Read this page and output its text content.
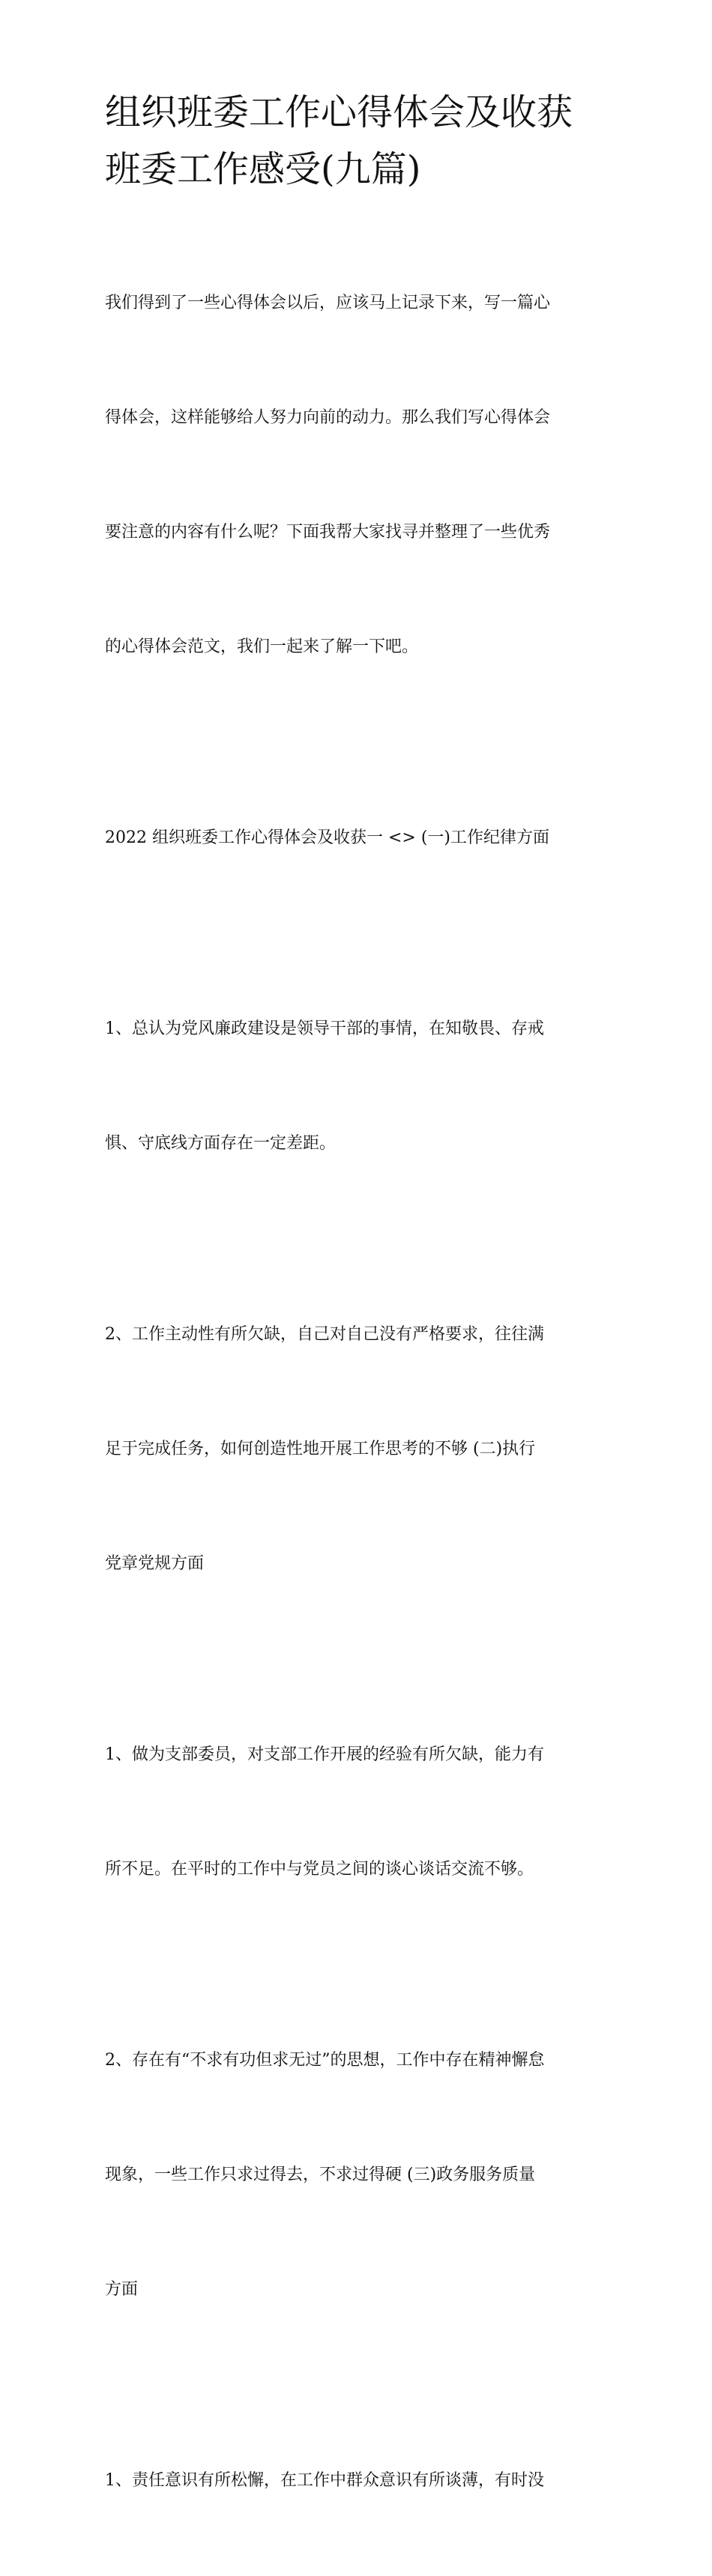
组织班委工作心得体会及收获
班委工作感受(九篇)

我们得到了一些心得体会以后，应该马上记录下来，写一篇心

得体会，这样能够给人努力向前的动力。那么我们写心得体会

要注意的内容有什么呢？下面我帮大家找寻并整理了一些优秀

的心得体会范文，我们一起来了解一下吧。

2022 组织班委工作心得体会及收获一 <> (一)工作纪律方面

1、总认为党风廉政建设是领导干部的事情，在知敬畏、存戒

惧、守底线方面存在一定差距。

2、工作主动性有所欠缺，自己对自己没有严格要求，往往满

足于完成任务，如何创造性地开展工作思考的不够 (二)执行

党章党规方面

1、做为支部委员，对支部工作开展的经验有所欠缺，能力有

所不足。在平时的工作中与党员之间的谈心谈话交流不够。

2、存在有“不求有功但求无过”的思想，工作中存在精神懈怠

现象，一些工作只求过得去，不求过得硬 (三)政务服务质量

方面

1、责任意识有所松懈，在工作中群众意识有所谈薄，有时没
